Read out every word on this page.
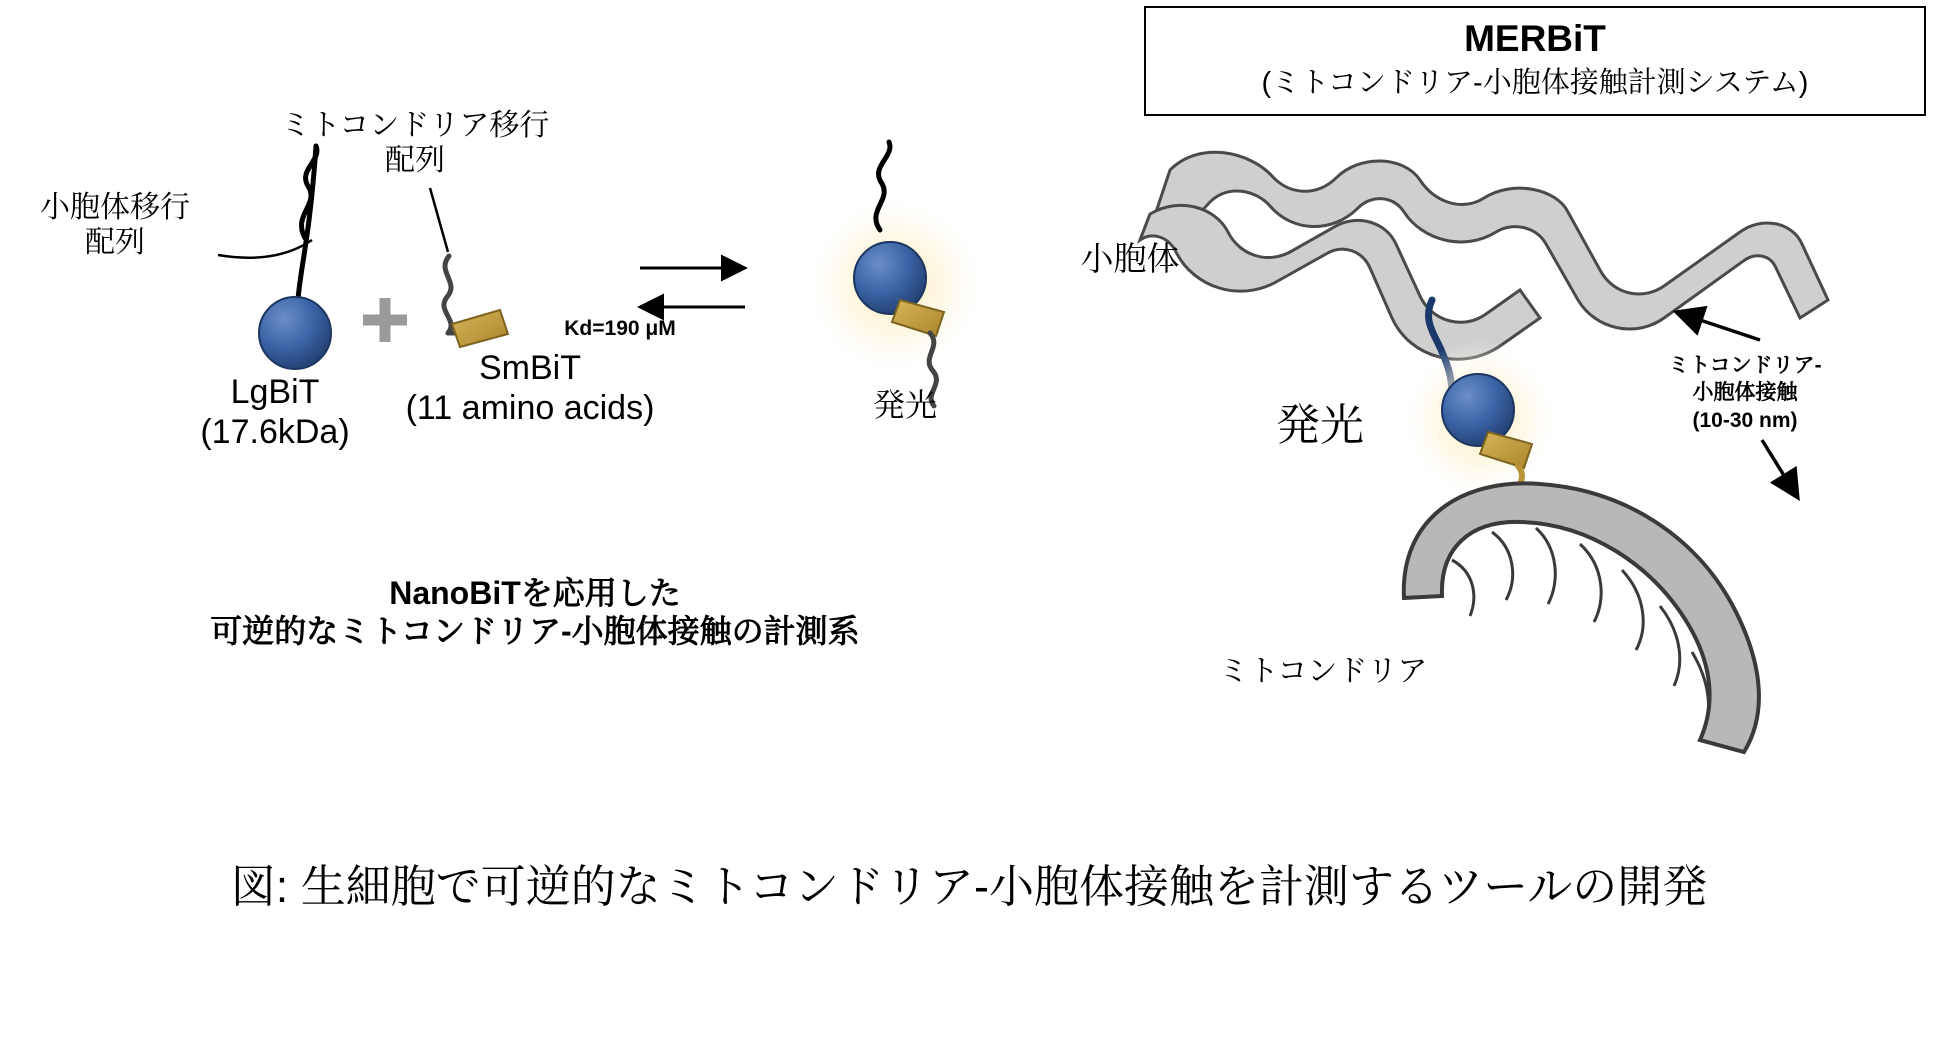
MERBiT
(ミトコンドリア-小胞体接触計測システム)
小胞体移行
配列
ミトコンドリア移行
配列
LgBiT
(17.6kDa)
SmBiT
(11 amino acids)
Kd=190 μM
発光
NanoBiTを応用した
可逆的なミトコンドリア-小胞体接触の計測系
小胞体
ミトコンドリア-
小胞体接触
(10-30 nm)
発光
ミトコンドリア
図: 生細胞で可逆的なミトコンドリア-小胞体接触を計測するツールの開発
